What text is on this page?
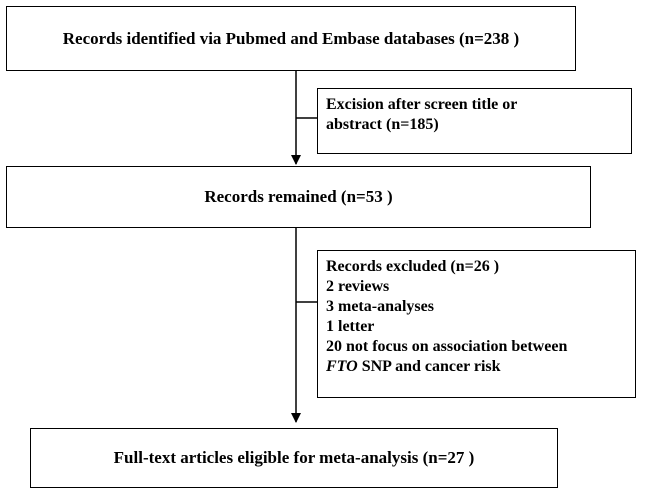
Records identified via Pubmed and Embase databases (n=238 )
Excision after screen title or
abstract (n=185)
Records remained (n=53 )
Records excluded (n=26 )
2 reviews
3 meta-analyses
1 letter
20 not focus on association between
FTO SNP and cancer risk
Full-text articles eligible for meta-analysis (n=27 )
